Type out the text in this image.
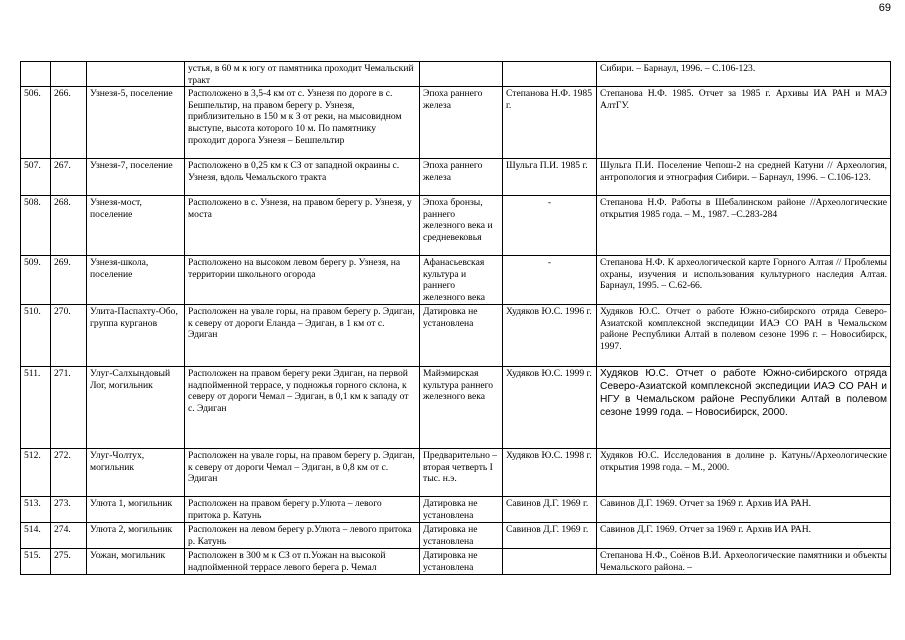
69
			устья, в 60 м к югу от памятника проходит Чемальский тракт			Сибири. – Барнаул, 1996. – С.106-123.
506.	266.	Узнезя-5, поселение	Расположено в 3,5-4 км от с. Узнезя по дороге в с. Бешпельтир, на правом берегу р. Узнезя, приблизительно в 150 м к З от реки, на мысовидном выступе, высота которого 10 м. По памятнику проходит дорога Узнезя – Бешпельтир	Эпоха раннего железа	Степанова Н.Ф. 1985 г.	Степанова Н.Ф. 1985. Отчет за 1985 г. Архивы ИА РАН и МАЭ АлтГУ.
507.	267.	Узнезя-7, поселение	Расположено в 0,25 км к СЗ от западной окраины с. Узнезя, вдоль Чемальского тракта	Эпоха раннего железа	Шульга П.И. 1985 г.	Шульга П.И. Поселение Чепош-2 на средней Катуни // Археология, антропология и этнография Сибири. – Барнаул, 1996. – С.106-123.
508.	268.	Узнезя-мост, поселение	Расположено в с. Узнезя, на правом берегу р. Узнезя, у моста	Эпоха бронзы, раннего железного века и средневековья	-	Степанова Н.Ф. Работы в Шебалинском районе //Археологические открытия 1985 года. – М., 1987. –С.283-284
509.	269.	Узнезя-школа, поселение	Расположено на высоком левом берегу р. Узнезя, на территории школьного огорода	Афанасьевская культура и раннего железного века	-	Степанова Н.Ф. К археологической карте Горного Алтая // Проблемы охраны, изучения и использования культурного наследия Алтая. Барнаул, 1995. – С.62-66.
510.	270.	Улита-Паспахту-Обо, группа курганов	Расположен на увале горы, на правом берегу р. Эдиган, к северу от дороги Еланда – Эдиган, в 1 км от с. Эдиган	Датировка не установлена	Худяков Ю.С. 1996 г.	Худяков Ю.С. Отчет о работе Южно-сибирского отряда Северо-Азиатской комплексной экспедиции ИАЭ СО РАН в Чемальском районе Республики Алтай в полевом сезоне 1996 г. – Новосибирск, 1997.
511.	271.	Улуг-Салхындовый Лог, могильник	Расположен на правом берегу реки Эдиган, на первой надпойменной террасе, у подножья горного склона, к северу от дороги Чемал – Эдиган, в 0,1 км к западу от с. Эдиган	Майэмирская культура раннего железного века	Худяков Ю.С. 1999 г.	Худяков Ю.С. Отчет о работе Южно-сибирского отряда Северо-Азиатской комплексной экспедиции ИАЭ СО РАН и НГУ в Чемальском районе Республики Алтай в полевом сезоне 1999 года. – Новосибирск, 2000.
512.	272.	Улуг-Чолтух, могильник	Расположен на увале горы, на правом берегу р. Эдиган, к северу от дороги Чемал – Эдиган, в 0,8 км от с. Эдиган	Предварительно – вторая четверть I тыс. н.э.	Худяков Ю.С. 1998 г.	Худяков Ю.С. Исследования в долине р. Катунь//Археологические открытия 1998 года. – М., 2000.
513.	273.	Улюта 1, могильник	Расположен на правом берегу р.Улюта – левого притока р. Катунь	Датировка не установлена	Савинов Д.Г. 1969 г.	Савинов Д.Г. 1969. Отчет за 1969 г. Архив ИА РАН.
514.	274.	Улюта 2, могильник	Расположен на левом берегу р.Улюта – левого притока р. Катунь	Датировка не установлена	Савинов Д.Г. 1969 г.	Савинов Д.Г. 1969. Отчет за 1969 г. Архив ИА РАН.
515.	275.	Уожан, могильник	Расположен в 300 м к СЗ от п.Уожан на высокой надпойменной террасе левого берега р. Чемал	Датировка не установлена		Степанова Н.Ф., Соёнов В.И. Археологические памятники и объекты Чемальского района. –
